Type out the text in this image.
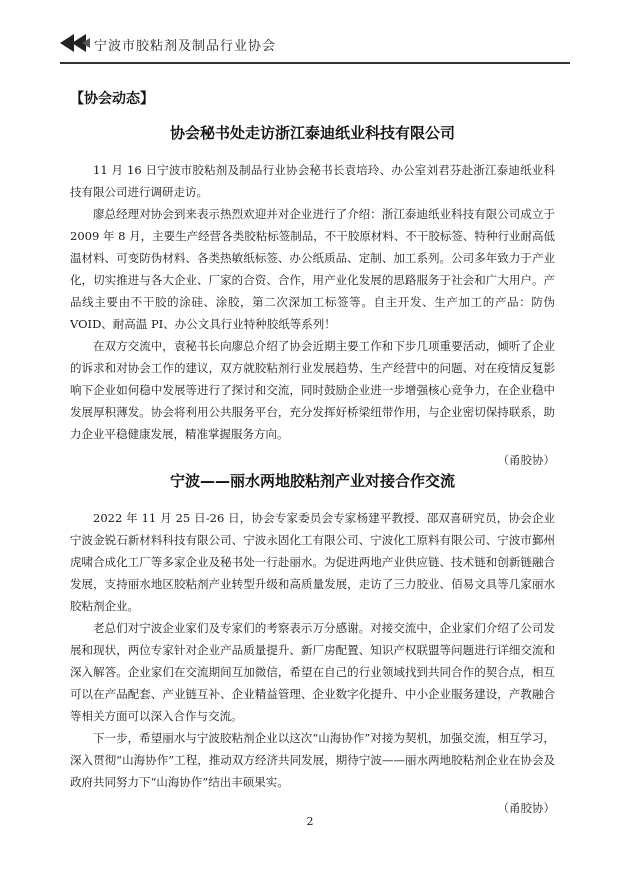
宁波市胶粘剂及制品行业协会
【协会动态】
协会秘书处走访浙江泰迪纸业科技有限公司

11 月 16 日宁波市胶粘剂及制品行业协会秘书长袁培玲、办公室刘君芬赴浙江泰迪纸业科技有限公司进行调研走访。

廖总经理对协会到来表示热烈欢迎并对企业进行了介绍：浙江泰迪纸业科技有限公司成立于 2009 年 8 月，主要生产经营各类胶粘标签制品，不干胶原材料、不干胶标签、特种行业耐高低温材料、可变防伪材料、各类热敏纸标签、办公纸质品、定制、加工系列。公司多年致力于产业化，切实推进与各大企业、厂家的合资、合作，用产业化发展的思路服务于社会和广大用户。产品线主要由不干胶的涂硅、涂胶，第二次深加工标签等。自主开发、生产加工的产品：防伪 VOID、耐高温 PI、办公文具行业特种胶纸等系列！

在双方交流中，袁秘书长向廖总介绍了协会近期主要工作和下步几项重要活动，倾听了企业的诉求和对协会工作的建议，双方就胶粘剂行业发展趋势、生产经营中的问题、对在疫情反复影响下企业如何稳中发展等进行了探讨和交流，同时鼓励企业进一步增强核心竞争力，在企业稳中发展厚积薄发。协会将利用公共服务平台，充分发挥好桥梁纽带作用，与企业密切保持联系，助力企业平稳健康发展，精准掌握服务方向。

（甬胶协）

宁波——丽水两地胶粘剂产业对接合作交流

2022 年 11 月 25 日-26 日，协会专家委员会专家杨建平教授、邵双喜研究员，协会企业宁波金锐石新材料科技有限公司、宁波永固化工有限公司、宁波化工原料有限公司、宁波市鄞州虎啸合成化工厂等多家企业及秘书处一行赴丽水。为促进两地产业供应链、技术链和创新链融合发展，支持丽水地区胶粘剂产业转型升级和高质量发展，走访了三力胶业、佰易文具等几家丽水胶粘剂企业。

老总们对宁波企业家们及专家们的考察表示万分感谢。对接交流中，企业家们介绍了公司发展和现状，两位专家针对企业产品质量提升、新厂房配置、知识产权联盟等问题进行详细交流和深入解答。企业家们在交流期间互加微信，希望在自己的行业领域找到共同合作的契合点，相互可以在产品配套、产业链互补、企业精益管理、企业数字化提升、中小企业服务建设，产教融合等相关方面可以深入合作与交流。

下一步，希望丽水与宁波胶粘剂企业以这次“山海协作”对接为契机，加强交流，相互学习，深入贯彻“山海协作”工程，推动双方经济共同发展，期待宁波——丽水两地胶粘剂企业在协会及政府共同努力下“山海协作”结出丰硕果实。

（甬胶协）

2
